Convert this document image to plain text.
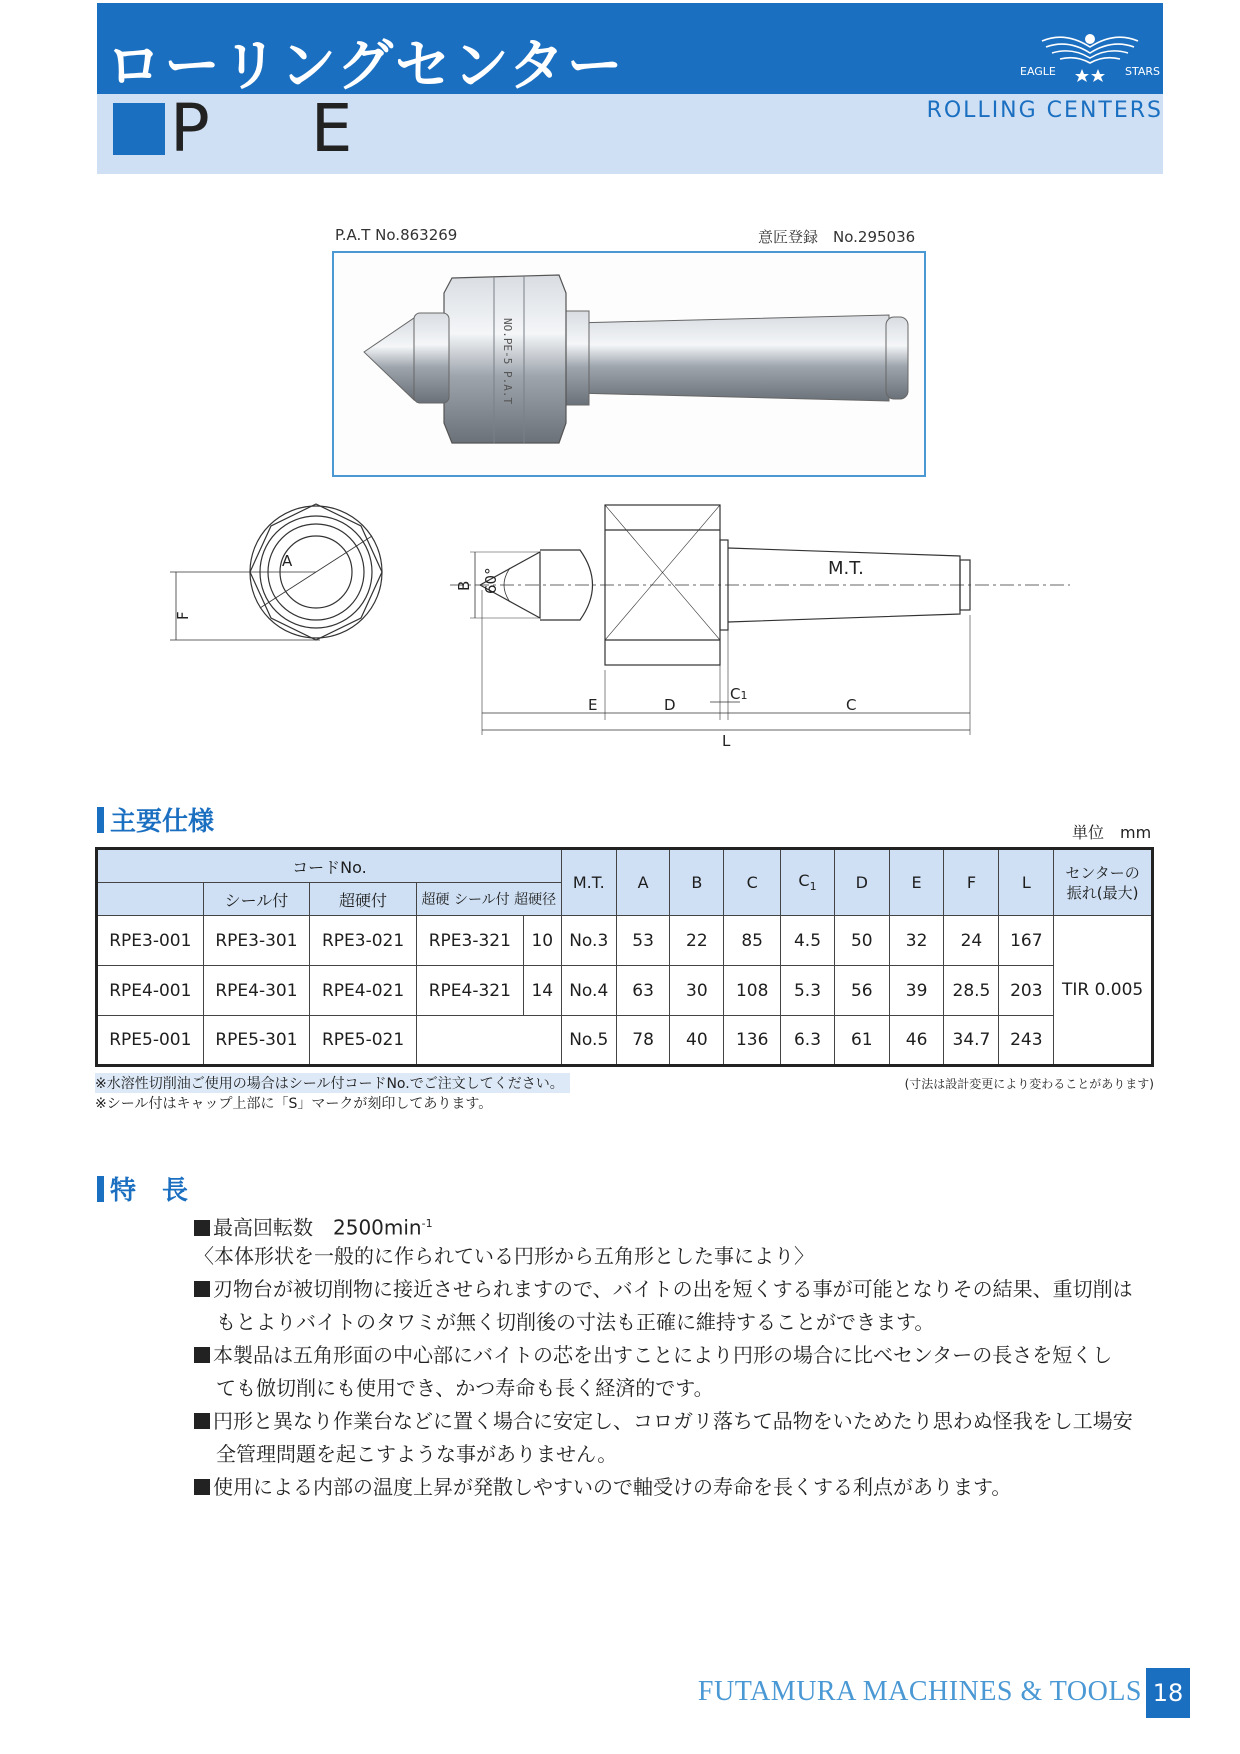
ローリングセンター
P E	ROLLING CENTERS
EAGLE	STARS
P.A.T No.863269	意匠登録　No.295036
NO.PE-5 P.A.T
A
F
B 60°	M.T.
E	D
C1
C
L
主要仕様	単位　mm
コードNo.					M.T.	A	B	C	$C_1$	D	E	F	L	センターの
振れ(最大)
	シール付	超硬付	超硬 シール付 超硬径											
RPE3-001	RPE3-301	RPE3-021	RPE3-321	10	No.3	53	22	85	4.5	50	32	24	167	TIR 0.005
RPE4-001	RPE4-301	RPE4-021	RPE4-321	14	No.4	63	30	108	5.3	56	39	28.5	203	
RPE5-001	RPE5-301	RPE5-021			No.5	78	40	136	6.3	61	46	34.7	243	
※水溶性切削油ご使用の場合はシール付コードNo.でご注文してください。
※シール付はキャップ上部に「S」マークが刻印してあります。
(寸法は設計変更により変わることがあります)
特　長
最高回転数　$2500\min^{-1}$
〈本体形状を一般的に作られている円形から五角形とした事により〉
刃物台が被切削物に接近させられますので、バイトの出を短くする事が可能となりその結果、重切削は
もとよりバイトのタワミが無く切削後の寸法も正確に維持することができます。
本製品は五角形面の中心部にバイトの芯を出すことにより円形の場合に比べセンターの長さを短くし
ても倣切削にも使用でき、かつ寿命も長く経済的です。
円形と異なり作業台などに置く場合に安定し、コロガリ落ちて品物をいためたり思わぬ怪我をし工場安
全管理問題を起こすような事がありません。
使用による内部の温度上昇が発散しやすいので軸受けの寿命を長くする利点があります。
FUTAMURA MACHINES & TOOLS 18
